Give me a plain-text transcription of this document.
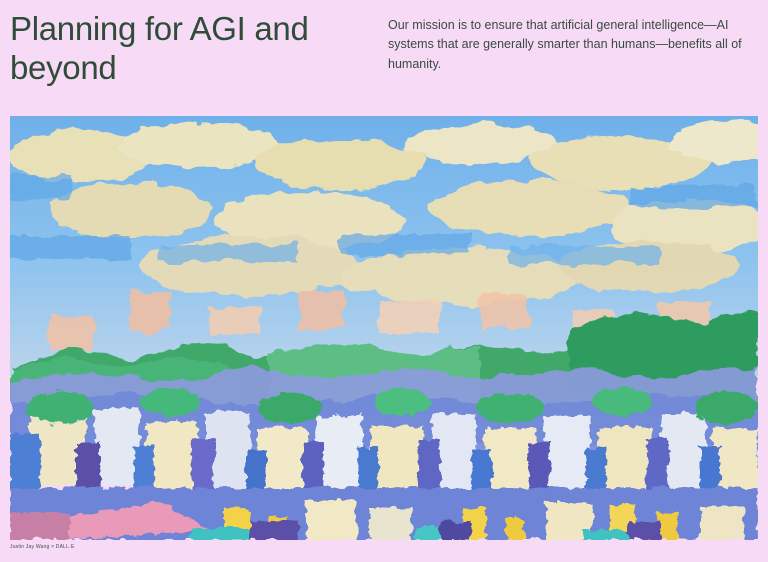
Planning for AGI and beyond

Our mission is to ensure that artificial general intelligence—AI systems that are generally smarter than humans—benefits all of humanity.

Justin Jay Wang × DALL·E
